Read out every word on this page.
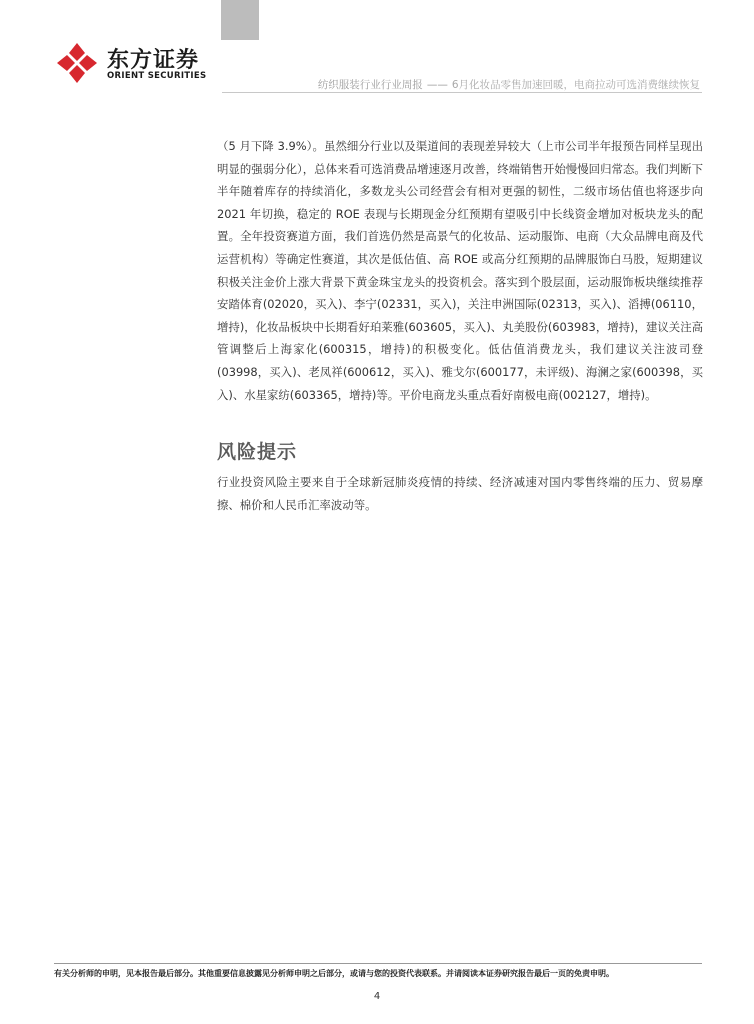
东方证券
ORIENT SECURITIES
纺织服装行业行业周报 —— 6月化妆品零售加速回暖，电商拉动可选消费继续恢复
（5 月下降 3.9%）。虽然细分行业以及渠道间的表现差异较大（上市公司半年报预告同样呈现出明显的强弱分化），总体来看可选消费品增速逐月改善，终端销售开始慢慢回归常态。我们判断下半年随着库存的持续消化，多数龙头公司经营会有相对更强的韧性，二级市场估值也将逐步向 2021 年切换，稳定的 ROE 表现与长期现金分红预期有望吸引中长线资金增加对板块龙头的配置。全年投资赛道方面，我们首选仍然是高景气的化妆品、运动服饰、电商（大众品牌电商及代运营机构）等确定性赛道，其次是低估值、高 ROE 或高分红预期的品牌服饰白马股，短期建议积极关注金价上涨大背景下黄金珠宝龙头的投资机会。落实到个股层面，运动服饰板块继续推荐安踏体育(02020，买入)、李宁(02331，买入)，关注申洲国际(02313，买入)、滔搏(06110，增持)，化妆品板块中长期看好珀莱雅(603605，买入)、丸美股份(603983，增持)，建议关注高管调整后上海家化(600315，增持)的积极变化。低估值消费龙头，我们建议关注波司登(03998，买入)、老凤祥(600612，买入)、雅戈尔(600177，未评级)、海澜之家(600398，买入)、水星家纺(603365，增持)等。平价电商龙头重点看好南极电商(002127，增持)。
风险提示
行业投资风险主要来自于全球新冠肺炎疫情的持续、经济减速对国内零售终端的压力、贸易摩擦、棉价和人民币汇率波动等。
有关分析师的申明，见本报告最后部分。其他重要信息披露见分析师申明之后部分，或请与您的投资代表联系。并请阅读本证券研究报告最后一页的免责申明。
4
